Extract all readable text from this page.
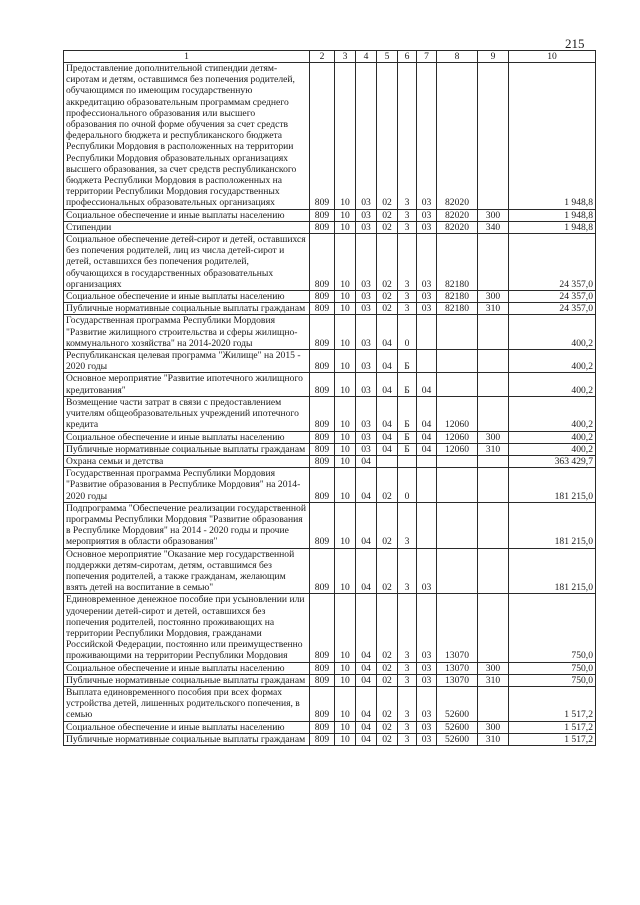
215
1	2	3	4	5	6	7	8	9	10
Предоставление дополнительной стипендии детям-сиротам и детям, оставшимся без попечения родителей, обучающимся по имеющим государственную аккредитацию образовательным программам среднего профессионального образования или высшего образования по очной форме обучения за счет средств федерального бюджета и республиканского бюджета Республики Мордовия в расположенных на территории Республики Мордовия образовательных организациях высшего образования, за счет средств республиканского бюджета Республики Мордовия в расположенных на территории Республики Мордовия государственных профессиональных образовательных организациях	809	10	03	02	3	03	82020		1 948,8
Социальное обеспечение и иные выплаты населению	809	10	03	02	3	03	82020	300	1 948,8
Стипендии	809	10	03	02	3	03	82020	340	1 948,8
Социальное обеспечение детей-сирот и детей, оставшихся без попечения родителей, лиц из числа детей-сирот и детей, оставшихся без попечения родителей, обучающихся в государственных образовательных организациях	809	10	03	02	3	03	82180		24 357,0
Социальное обеспечение и иные выплаты населению	809	10	03	02	3	03	82180	300	24 357,0
Публичные нормативные социальные выплаты гражданам	809	10	03	02	3	03	82180	310	24 357,0
Государственная программа Республики Мордовия "Развитие жилищного строительства и сферы жилищно-коммунального хозяйства" на 2014-2020 годы	809	10	03	04	0				400,2
Республиканская целевая программа "Жилище" на 2015 - 2020 годы	809	10	03	04	Б				400,2
Основное мероприятие "Развитие ипотечного жилищного кредитования"	809	10	03	04	Б	04			400,2
Возмещение части затрат в связи с предоставлением учителям общеобразовательных учреждений ипотечного кредита	809	10	03	04	Б	04	12060		400,2
Социальное обеспечение и иные выплаты населению	809	10	03	04	Б	04	12060	300	400,2
Публичные нормативные социальные выплаты гражданам	809	10	03	04	Б	04	12060	310	400,2
Охрана семьи и детства	809	10	04						363 429,7
Государственная программа Республики Мордовия "Развитие образования в Республике Мордовия" на 2014-2020 годы	809	10	04	02	0				181 215,0
Подпрограмма "Обеспечение реализации государственной программы Республики Мордовия "Развитие образования в Республике Мордовия" на 2014 - 2020 годы и прочие мероприятия в области образования"	809	10	04	02	3				181 215,0
Основное мероприятие "Оказание мер государственной поддержки детям-сиротам, детям, оставшимся без попечения родителей, а также гражданам, желающим взять детей на воспитание в семью"	809	10	04	02	3	03			181 215,0
Единовременное денежное пособие при усыновлении или удочерении детей-сирот и детей, оставшихся без попечения родителей, постоянно проживающих на территории Республики Мордовия, гражданами Российской Федерации, постоянно или преимущественно проживающими на территории Республики Мордовия	809	10	04	02	3	03	13070		750,0
Социальное обеспечение и иные выплаты населению	809	10	04	02	3	03	13070	300	750,0
Публичные нормативные социальные выплаты гражданам	809	10	04	02	3	03	13070	310	750,0
Выплата единовременного пособия при всех формах устройства детей, лишенных родительского попечения, в семью	809	10	04	02	3	03	52600		1 517,2
Социальное обеспечение и иные выплаты населению	809	10	04	02	3	03	52600	300	1 517,2
Публичные нормативные социальные выплаты гражданам	809	10	04	02	3	03	52600	310	1 517,2
